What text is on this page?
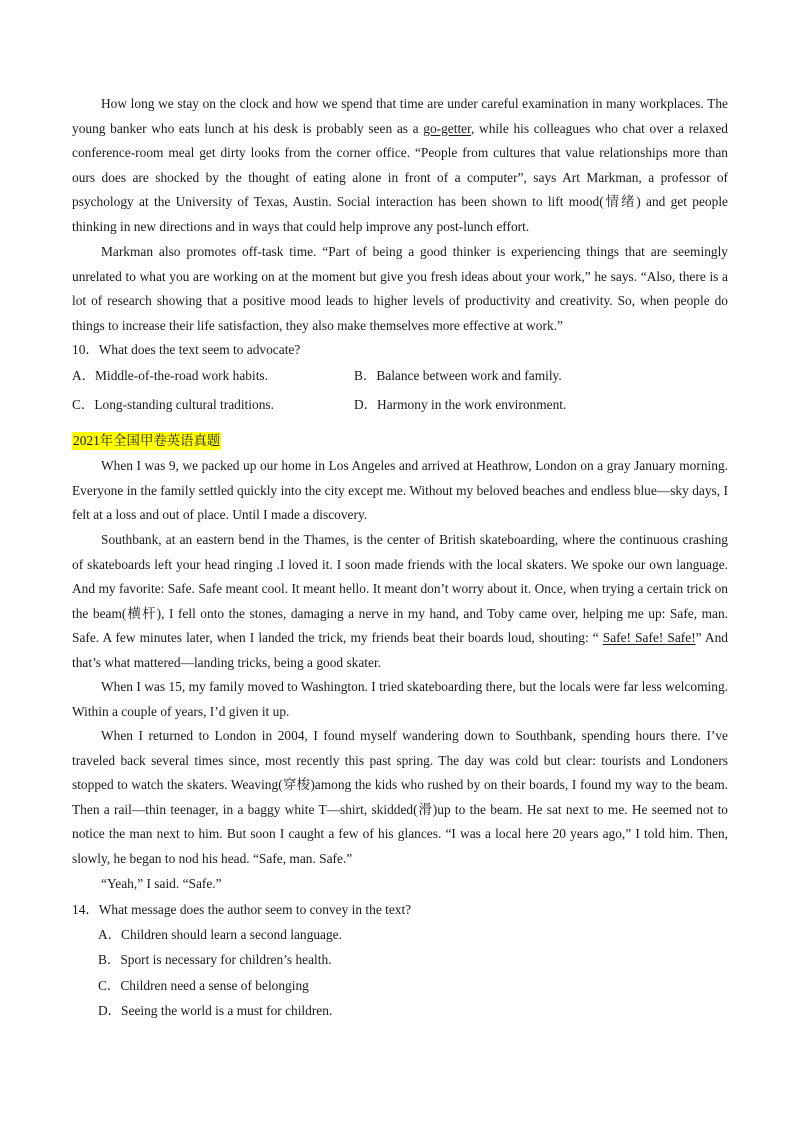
How long we stay on the clock and how we spend that time are under careful examination in many workplaces. The young banker who eats lunch at his desk is probably seen as a go-getter, while his colleagues who chat over a relaxed conference-room meal get dirty looks from the corner office. “People from cultures that value relationships more than ours does are shocked by the thought of eating alone in front of a computer”, says Art Markman, a professor of psychology at the University of Texas, Austin. Social interaction has been shown to lift mood(情绪) and get people thinking in new directions and in ways that could help improve any post-lunch effort.

Markman also promotes off-task time. “Part of being a good thinker is experiencing things that are seemingly unrelated to what you are working on at the moment but give you fresh ideas about your work,” he says. “Also, there is a lot of research showing that a positive mood leads to higher levels of productivity and creativity. So, when people do things to increase their life satisfaction, they also make themselves more effective at work.”

10．What does the text seem to advocate?

A．Middle-of-the-road work habits.	B．Balance between work and family.
C．Long-standing cultural traditions.	D．Harmony in the work environment.
2021年全国甲卷英语真题

When I was 9, we packed up our home in Los Angeles and arrived at Heathrow, London on a gray January morning. Everyone in the family settled quickly into the city except me. Without my beloved beaches and endless blue—sky days, I felt at a loss and out of place. Until I made a discovery.

Southbank, at an eastern bend in the Thames, is the center of British skateboarding, where the continuous crashing of skateboards left your head ringing .I loved it. I soon made friends with the local skaters. We spoke our own language. And my favorite: Safe. Safe meant cool. It meant hello. It meant don’t worry about it. Once, when trying a certain trick on the beam(横杆), I fell onto the stones, damaging a nerve in my hand, and Toby came over, helping me up: Safe, man. Safe. A few minutes later, when I landed the trick, my friends beat their boards loud, shouting: “ Safe! Safe! Safe!” And that’s what mattered—landing tricks, being a good skater.

When I was 15, my family moved to Washington. I tried skateboarding there, but the locals were far less welcoming. Within a couple of years, I’d given it up.

When I returned to London in 2004, I found myself wandering down to Southbank, spending hours there. I’ve traveled back several times since, most recently this past spring. The day was cold but clear: tourists and Londoners stopped to watch the skaters. Weaving(穿梭)among the kids who rushed by on their boards, I found my way to the beam. Then a rail—thin teenager, in a baggy white T—shirt, skidded(滑)up to the beam. He sat next to me. He seemed not to notice the man next to him. But soon I caught a few of his glances. “I was a local here 20 years ago,” I told him. Then, slowly, he began to nod his head. “Safe, man. Safe.”

“Yeah,” I said. “Safe.”

14．What message does the author seem to convey in the text?

A．Children should learn a second language.
B．Sport is necessary for children’s health.
C．Children need a sense of belonging
D．Seeing the world is a must for children.
